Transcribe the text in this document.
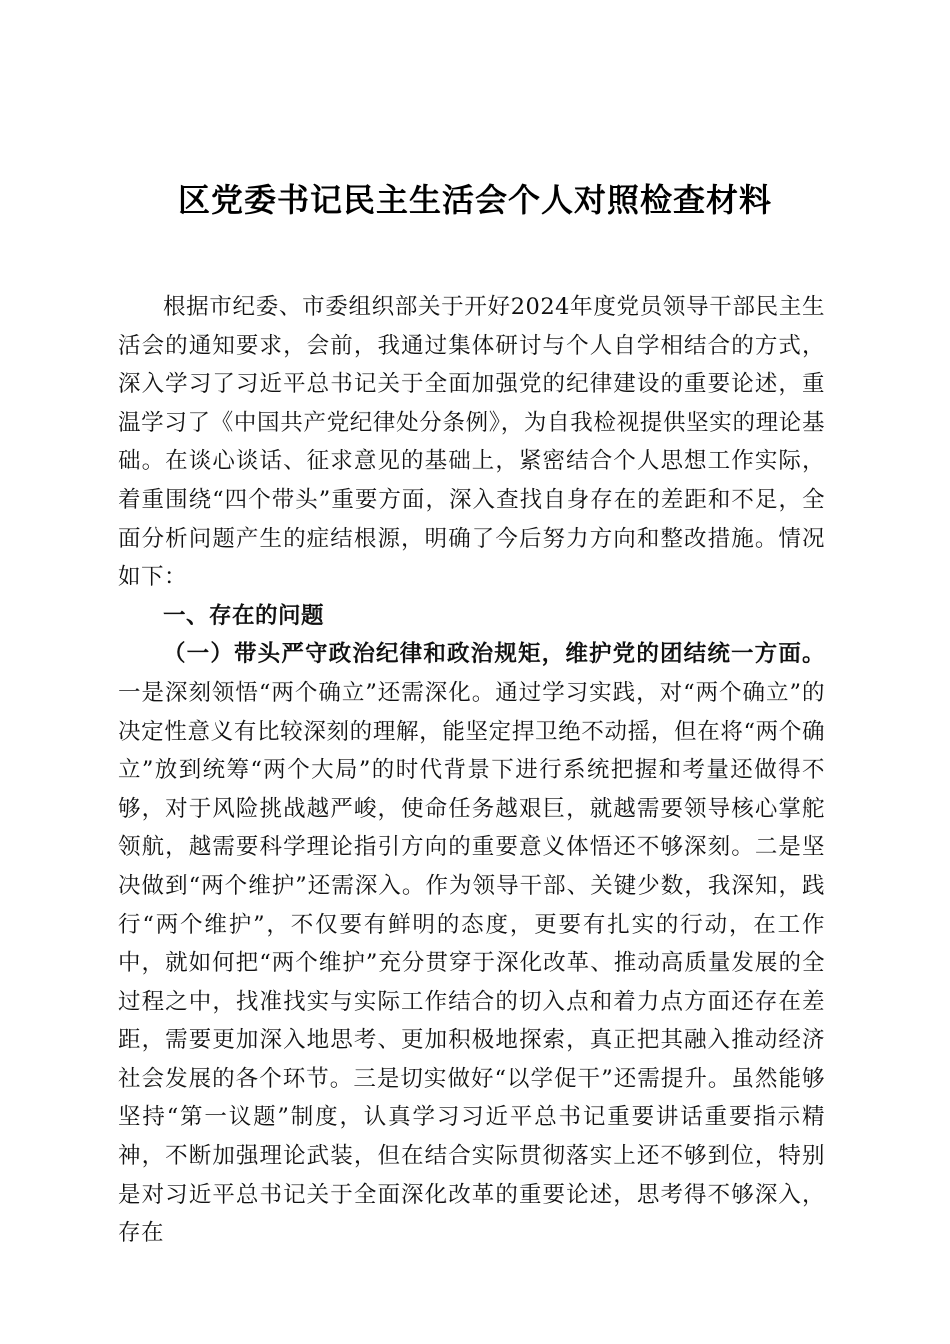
区党委书记民主生活会个人对照检查材料

根据市纪委、市委组织部关于开好2024年度党员领导干部民主生活会的通知要求，会前，我通过集体研讨与个人自学相结合的方式，深入学习了习近平总书记关于全面加强党的纪律建设的重要论述，重温学习了《中国共产党纪律处分条例》，为自我检视提供坚实的理论基础。在谈心谈话、征求意见的基础上，紧密结合个人思想工作实际，着重围绕“四个带头”重要方面，深入查找自身存在的差距和不足，全面分析问题产生的症结根源，明确了今后努力方向和整改措施。情况如下：

一、存在的问题

（一）带头严守政治纪律和政治规矩，维护党的团结统一方面。一是深刻领悟“两个确立”还需深化。通过学习实践，对“两个确立”的决定性意义有比较深刻的理解，能坚定捍卫绝不动摇，但在将“两个确立”放到统筹“两个大局”的时代背景下进行系统把握和考量还做得不够，对于风险挑战越严峻，使命任务越艰巨，就越需要领导核心掌舵领航，越需要科学理论指引方向的重要意义体悟还不够深刻。二是坚决做到“两个维护”还需深入。作为领导干部、关键少数，我深知，践行“两个维护”，不仅要有鲜明的态度，更要有扎实的行动，在工作中，就如何把“两个维护”充分贯穿于深化改革、推动高质量发展的全过程之中，找准找实与实际工作结合的切入点和着力点方面还存在差距，需要更加深入地思考、更加积极地探索，真正把其融入推动经济社会发展的各个环节。三是切实做好“以学促干”还需提升。虽然能够坚持“第一议题”制度，认真学习习近平总书记重要讲话重要指示精神，不断加强理论武装，但在结合实际贯彻落实上还不够到位，特别是对习近平总书记关于全面深化改革的重要论述，思考得不够深入，存在
